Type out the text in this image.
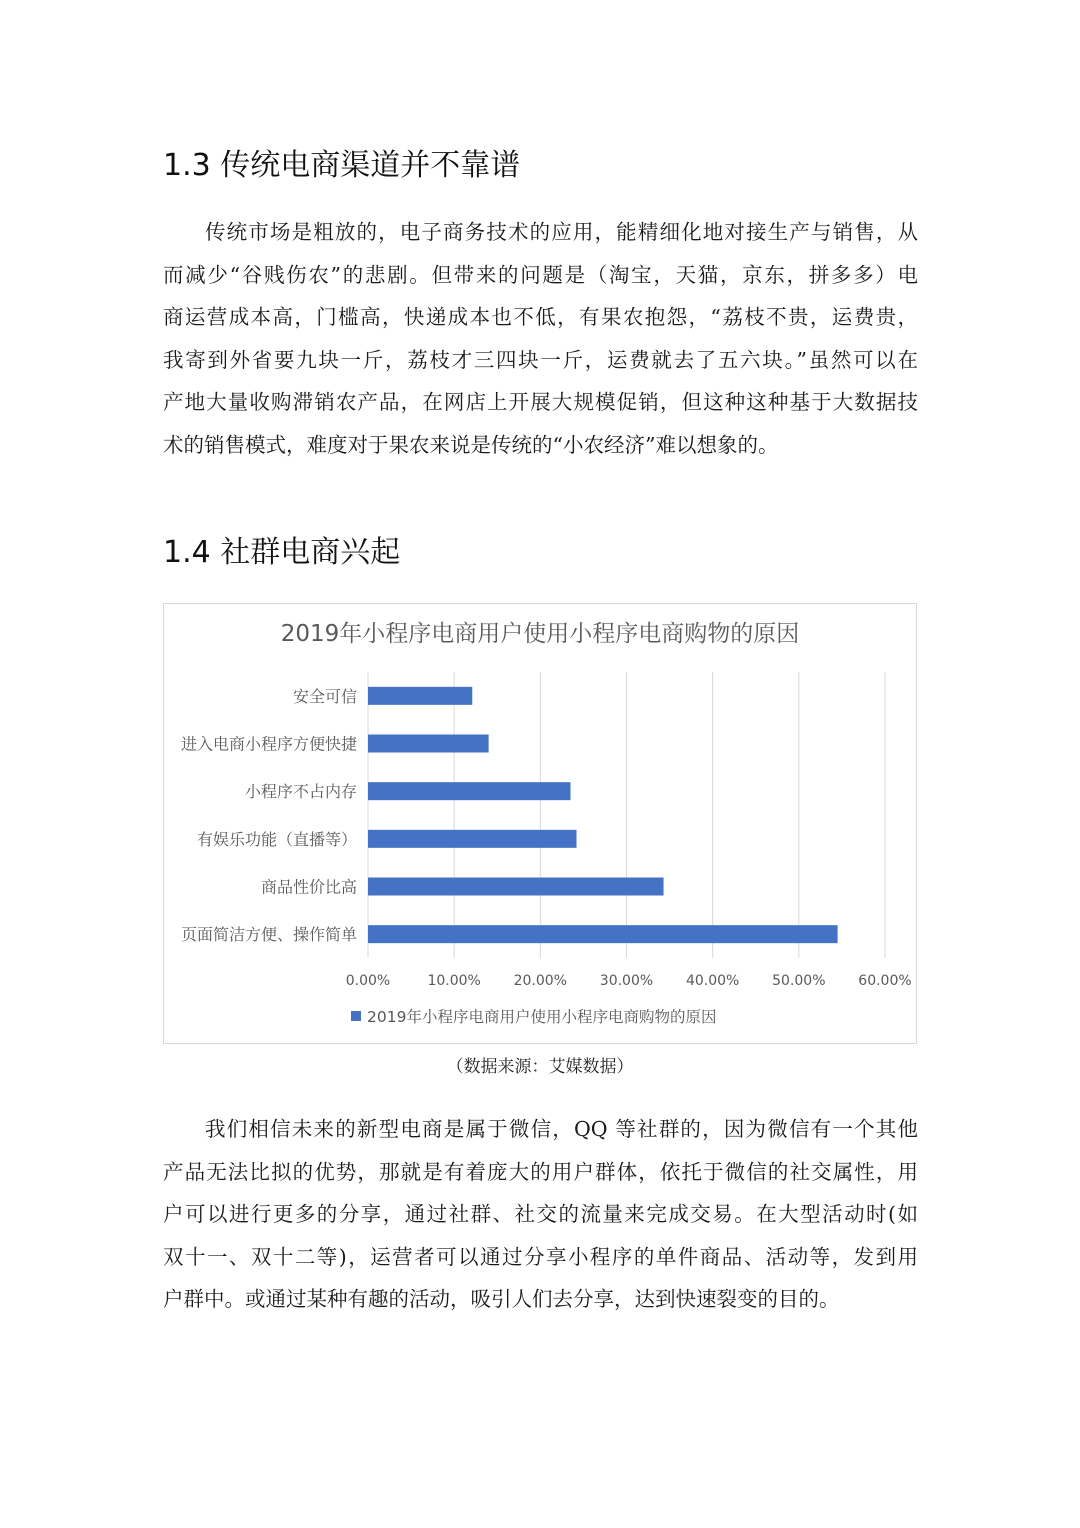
1.3 传统电商渠道并不靠谱
传统市场是粗放的，电子商务技术的应用，能精细化地对接生产与销售，从
而减少“谷贱伤农”的悲剧。但带来的问题是（淘宝，天猫，京东，拼多多）电
商运营成本高，门槛高，快递成本也不低，有果农抱怨，“荔枝不贵，运费贵，
我寄到外省要九块一斤，荔枝才三四块一斤，运费就去了五六块。”虽然可以在
产地大量收购滞销农产品，在网店上开展大规模促销，但这种这种基于大数据技
术的销售模式，难度对于果农来说是传统的“小农经济”难以想象的。
1.4 社群电商兴起
2019年小程序电商用户使用小程序电商购物的原因
0.00%	10.00% 20.00% 30.00% 40.00% 50.00% 60.00%
安全可信
进入电商小程序方便快捷
小程序不占内存
有娱乐功能（直播等）
商品性价比高
页面简洁方便、操作简单
2019年小程序电商用户使用小程序电商购物的原因
（数据来源：艾媒数据）
我们相信未来的新型电商是属于微信，QQ 等社群的，因为微信有一个其他
产品无法比拟的优势，那就是有着庞大的用户群体，依托于微信的社交属性，用
户可以进行更多的分享，通过社群、社交的流量来完成交易。在大型活动时(如
双十一、双十二等)，运营者可以通过分享小程序的单件商品、活动等，发到用
户群中。或通过某种有趣的活动，吸引人们去分享，达到快速裂变的目的。
